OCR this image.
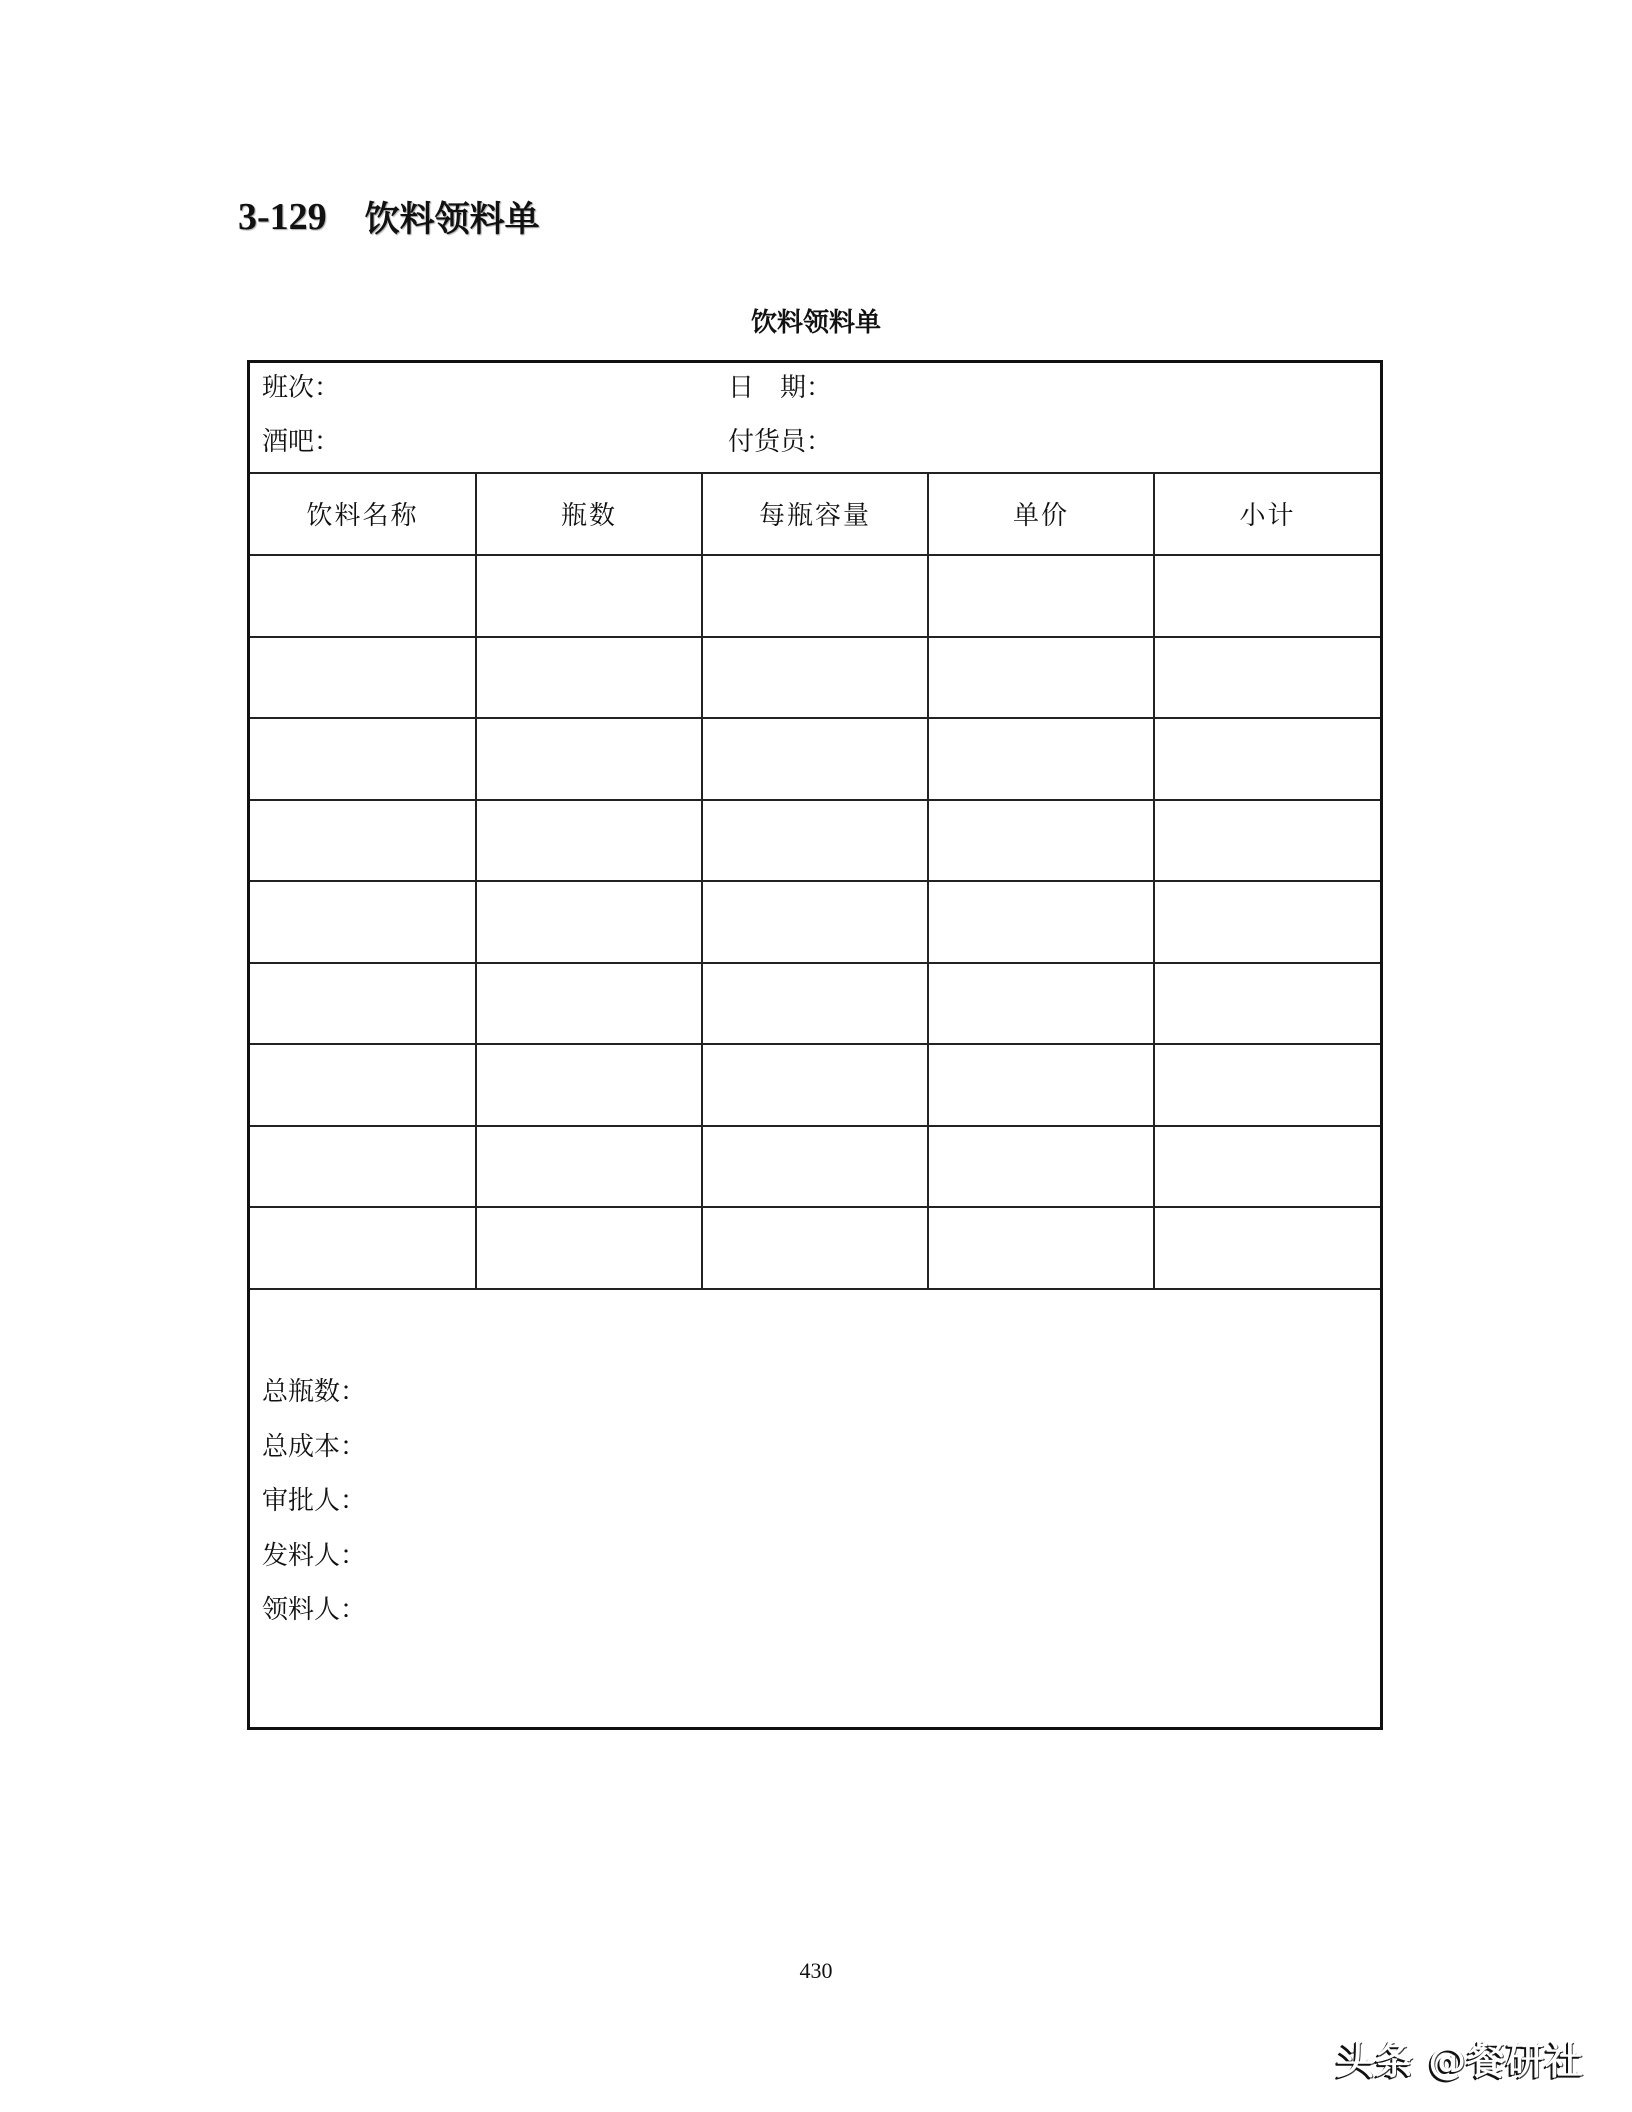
3-129 饮料领料单
饮料领料单
班次：	日　期：
酒吧：	付货员：
饮料名称	瓶数	每瓶容量	单价	小计

总瓶数：
总成本：
审批人：
发料人：
领料人：
430
头条 @餐研社
